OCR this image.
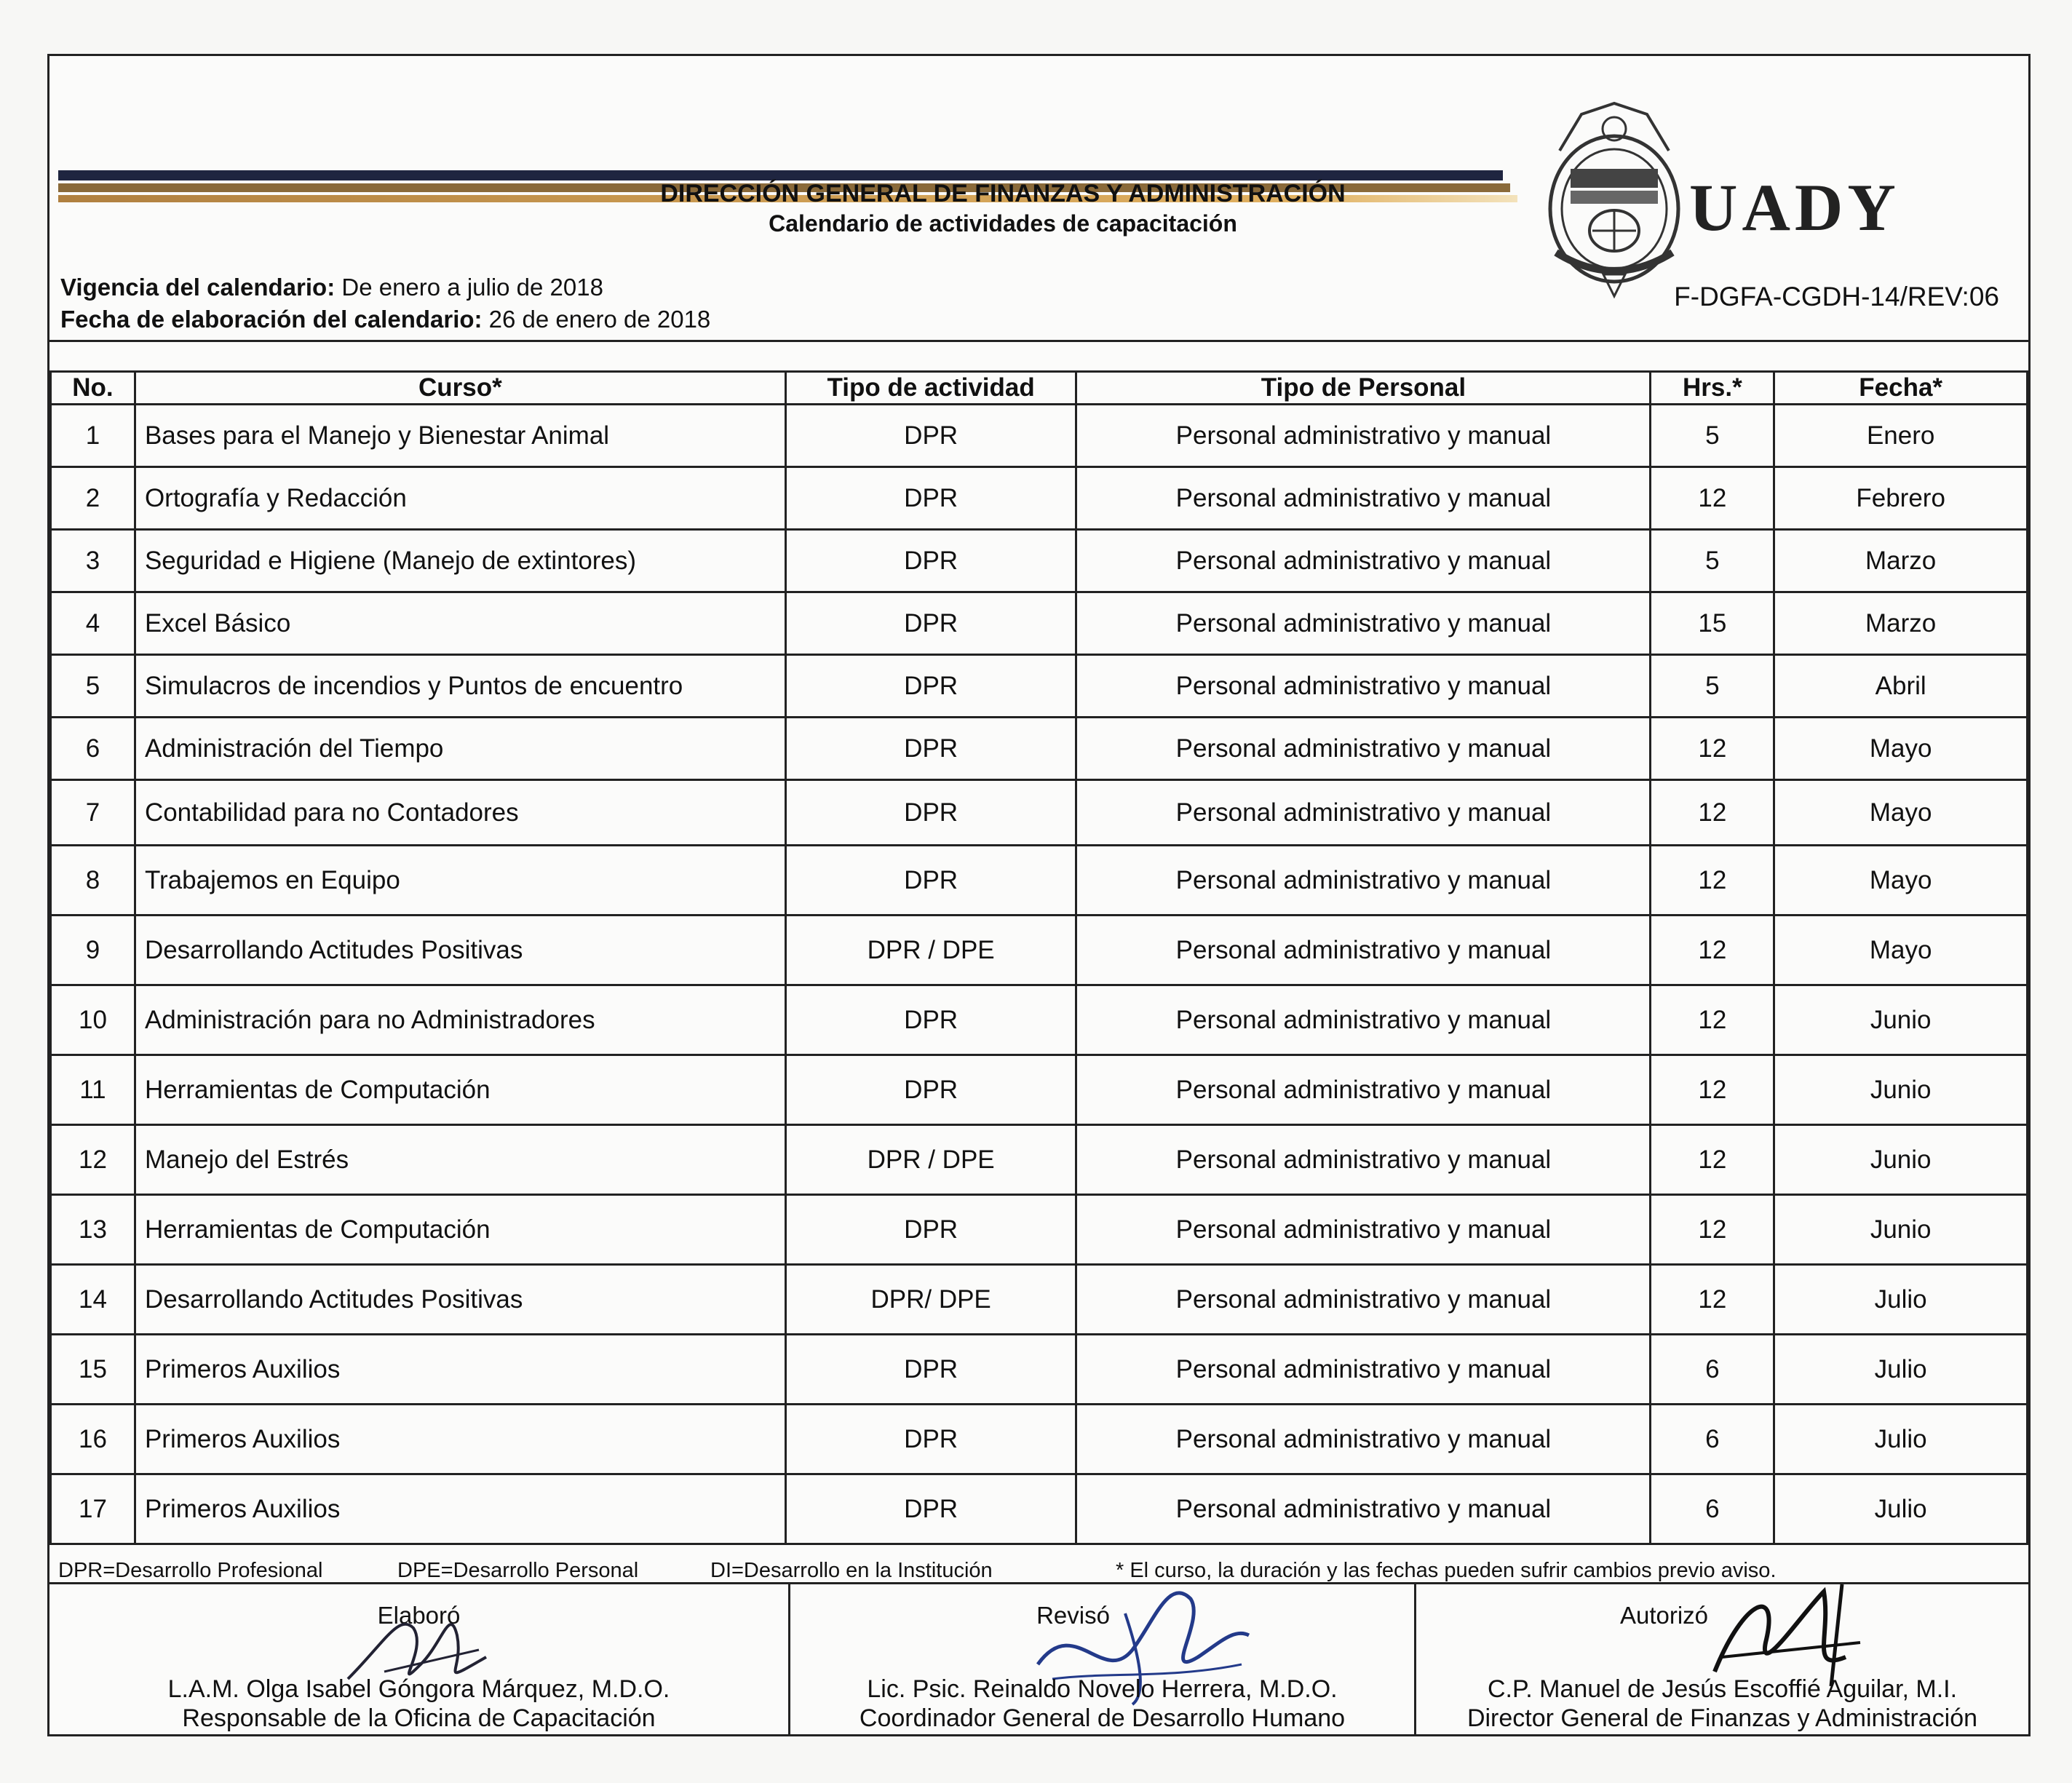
UADY
DIRECCIÓN GENERAL DE FINANZAS Y ADMINISTRACIÓN
Calendario de actividades de capacitación
Vigencia del calendario: De enero a julio de 2018
Fecha de elaboración del calendario: 26 de enero de 2018
F-DGFA-CGDH-14/REV:06
No.	Curso*	Tipo de actividad	Tipo de Personal	Hrs.*	Fecha*
1	Bases para el Manejo y Bienestar Animal	DPR	Personal administrativo y manual	5	Enero
2	Ortografía y Redacción	DPR	Personal administrativo y manual	12	Febrero
3	Seguridad e Higiene (Manejo de extintores)	DPR	Personal administrativo y manual	5	Marzo
4	Excel Básico	DPR	Personal administrativo y manual	15	Marzo
5	Simulacros de incendios y Puntos de encuentro	DPR	Personal administrativo y manual	5	Abril
6	Administración del Tiempo	DPR	Personal administrativo y manual	12	Mayo
7	Contabilidad para no Contadores	DPR	Personal administrativo y manual	12	Mayo
8	Trabajemos en Equipo	DPR	Personal administrativo y manual	12	Mayo
9	Desarrollando Actitudes Positivas	DPR / DPE	Personal administrativo y manual	12	Mayo
10	Administración para no Administradores	DPR	Personal administrativo y manual	12	Junio
11	Herramientas de Computación	DPR	Personal administrativo y manual	12	Junio
12	Manejo del Estrés	DPR / DPE	Personal administrativo y manual	12	Junio
13	Herramientas de Computación	DPR	Personal administrativo y manual	12	Junio
14	Desarrollando Actitudes Positivas	DPR/ DPE	Personal administrativo y manual	12	Julio
15	Primeros Auxilios	DPR	Personal administrativo y manual	6	Julio
16	Primeros Auxilios	DPR	Personal administrativo y manual	6	Julio
17	Primeros Auxilios	DPR	Personal administrativo y manual	6	Julio
DPR=Desarrollo Profesional	DPE=Desarrollo Personal	DI=Desarrollo en la Institución	* El curso, la duración y las fechas pueden sufrir cambios previo aviso.
Elaboró
L.A.M. Olga Isabel Góngora Márquez, M.D.O.
Responsable de la Oficina de Capacitación
Revisó
Lic. Psic. Reinaldo Novelo Herrera, M.D.O.
Coordinador General de Desarrollo Humano
Autorizó
C.P. Manuel de Jesús Escoffié Aguilar, M.I.
Director General de Finanzas y Administración
